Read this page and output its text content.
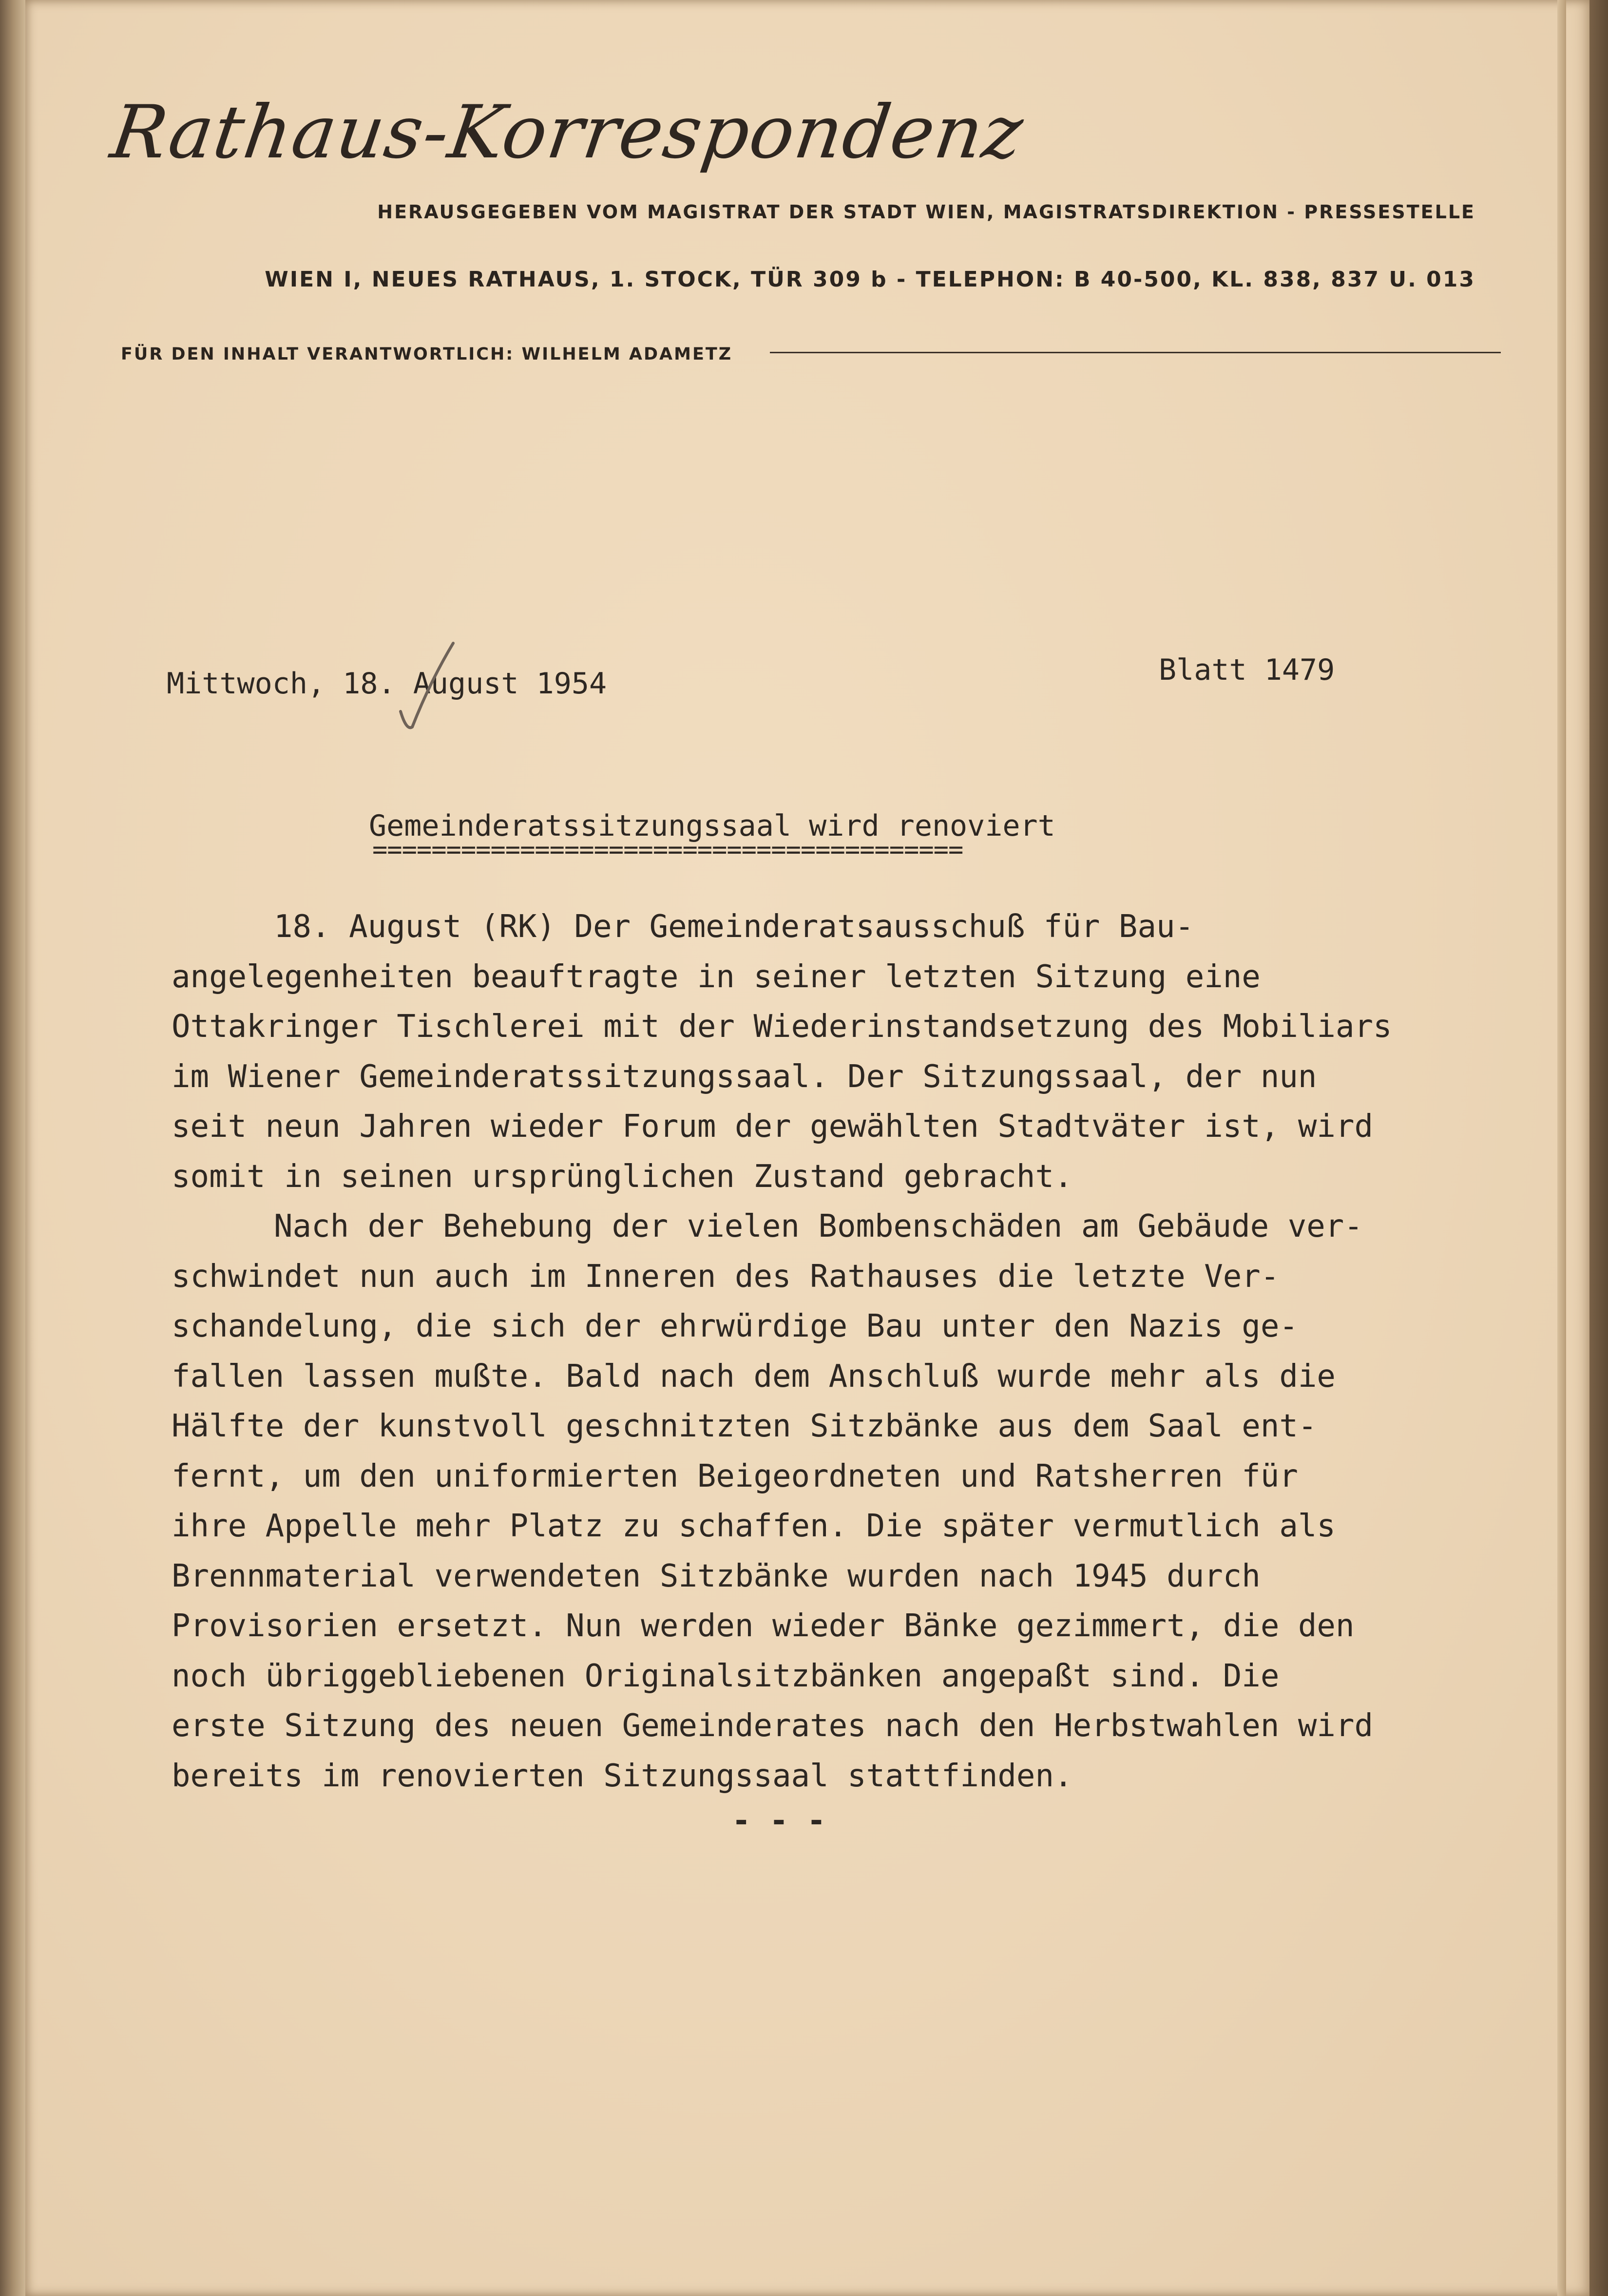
Rathaus-Korrespondenz
HERAUSGEGEBEN VOM MAGISTRAT DER STADT WIEN, MAGISTRATSDIREKTION - PRESSESTELLE
WIEN I, NEUES RATHAUS, 1. STOCK, TÜR 309 b - TELEPHON: B 40-500, KL. 838, 837 U. 013
FÜR DEN INHALT VERANTWORTLICH: WILHELM ADAMETZ
Mittwoch, 18. August 1954	Blatt 1479
Gemeinderatssitzungssaal wird renoviert
========================================
18. August (RK) Der Gemeinderatsausschuß für Bau-
angelegenheiten beauftragte in seiner letzten Sitzung eine
Ottakringer Tischlerei mit der Wiederinstandsetzung des Mobiliars
im Wiener Gemeinderatssitzungssaal. Der Sitzungssaal, der nun
seit neun Jahren wieder Forum der gewählten Stadtväter ist, wird
somit in seinen ursprünglichen Zustand gebracht.
Nach der Behebung der vielen Bombenschäden am Gebäude ver-
schwindet nun auch im Inneren des Rathauses die letzte Ver-
schandelung, die sich der ehrwürdige Bau unter den Nazis ge-
fallen lassen mußte. Bald nach dem Anschluß wurde mehr als die
Hälfte der kunstvoll geschnitzten Sitzbänke aus dem Saal ent-
fernt, um den uniformierten Beigeordneten und Ratsherren für
ihre Appelle mehr Platz zu schaffen. Die später vermutlich als
Brennmaterial verwendeten Sitzbänke wurden nach 1945 durch
Provisorien ersetzt. Nun werden wieder Bänke gezimmert, die den
noch übriggebliebenen Originalsitzbänken angepaßt sind. Die
erste Sitzung des neuen Gemeinderates nach den Herbstwahlen wird
bereits im renovierten Sitzungssaal stattfinden.
- - -
